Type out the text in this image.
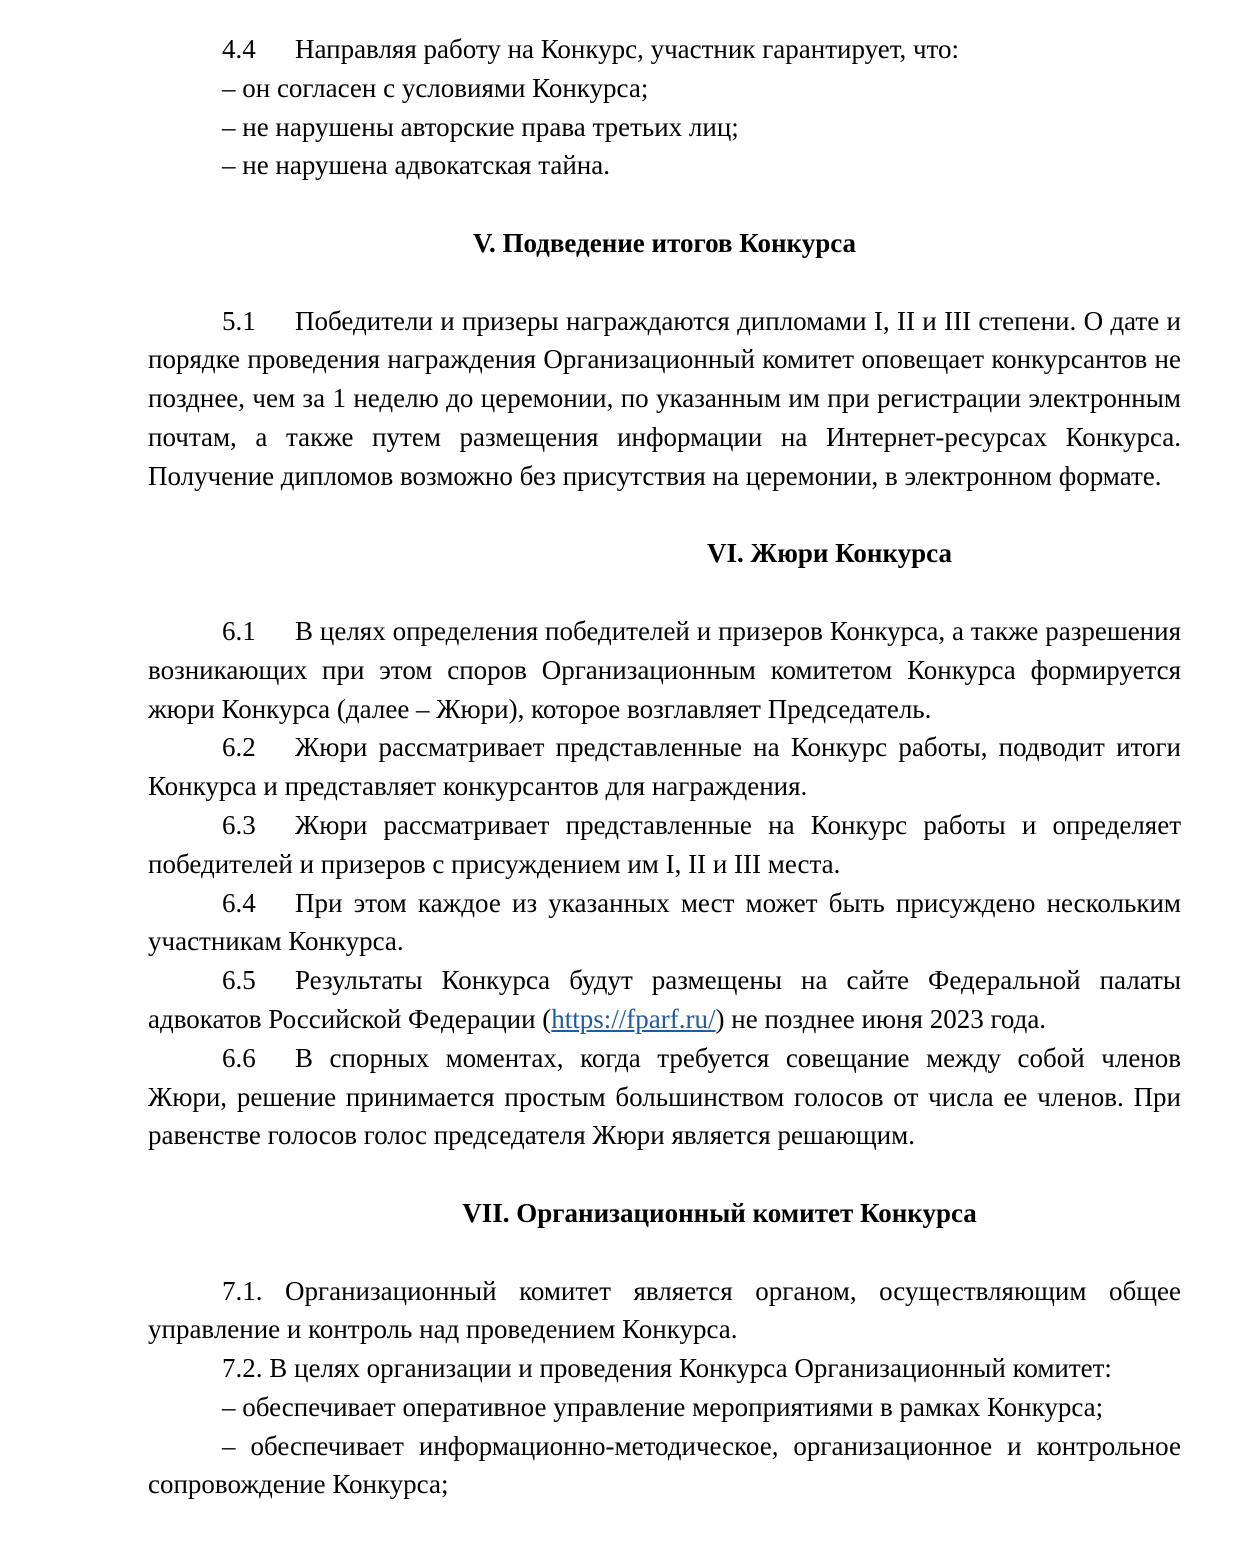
4.4 Направляя работу на Конкурс, участник гарантирует, что:

– он согласен с условиями Конкурса;

– не нарушены авторские права третьих лиц;

– не нарушена адвокатская тайна.

V. Подведение итогов Конкурса

5.1 Победители и призеры награждаются дипломами I, II и III степени. О дате и порядке проведения награждения Организационный комитет оповещает конкурсантов не позднее, чем за 1 неделю до церемонии, по указанным им при регистрации электронным почтам, а также путем размещения информации на Интернет-ресурсах Конкурса. Получение дипломов возможно без присутствия на церемонии, в электронном формате.

VI. Жюри Конкурса

6.1 В целях определения победителей и призеров Конкурса, а также разрешения возникающих при этом споров Организационным комитетом Конкурса формируется жюри Конкурса (далее – Жюри), которое возглавляет Председатель.

6.2 Жюри рассматривает представленные на Конкурс работы, подводит итоги Конкурса и представляет конкурсантов для награждения.

6.3 Жюри рассматривает представленные на Конкурс работы и определяет победителей и призеров с присуждением им I, II и III места.

6.4 При этом каждое из указанных мест может быть присуждено нескольким участникам Конкурса.

6.5 Результаты Конкурса будут размещены на сайте Федеральной палаты адвокатов Российской Федерации (https://fparf.ru/) не позднее июня 2023 года.

6.6 В спорных моментах, когда требуется совещание между собой членов Жюри, решение принимается простым большинством голосов от числа ее членов. При равенстве голосов голос председателя Жюри является решающим.

VII. Организационный комитет Конкурса

7.1. Организационный комитет является органом, осуществляющим общее управление и контроль над проведением Конкурса.

7.2. В целях организации и проведения Конкурса Организационный комитет:

– обеспечивает оперативное управление мероприятиями в рамках Конкурса;

– обеспечивает информационно-методическое, организационное и контрольное сопровождение Конкурса;
